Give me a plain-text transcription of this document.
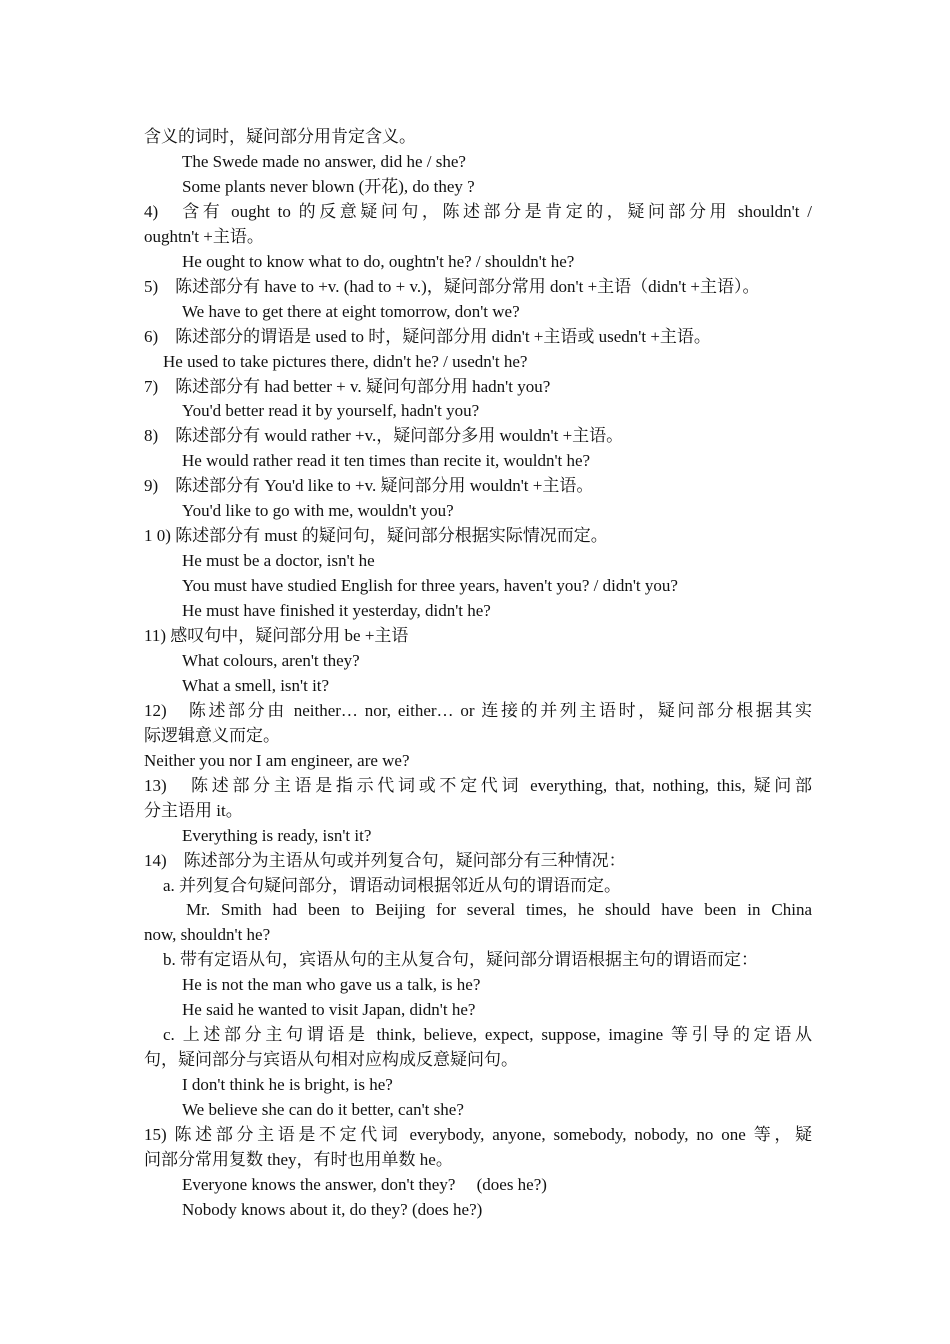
含义的词时，疑问部分用肯定含义。
The Swede made no answer, did he / she?
Some plants never blown (开花), do they ?
4)　含有 ought to 的反意疑问句，陈述部分是肯定的，疑问部分用 shouldn't /
oughtn't +主语。
He ought to know what to do, oughtn't he? / shouldn't he?
5)　陈述部分有 have to +v. (had to + v.)，疑问部分常用 don't +主语（didn't +主语）。
We have to get there at eight tomorrow, don't we?
6)　陈述部分的谓语是 used to 时，疑问部分用 didn't +主语或 usedn't +主语。
He used to take pictures there, didn't he? / usedn't he?
7)　陈述部分有 had better + v. 疑问句部分用 hadn't you?
You'd better read it by yourself, hadn't you?
8)　陈述部分有 would rather +v.，疑问部分多用 wouldn't +主语。
He would rather read it ten times than recite it, wouldn't he?
9)　陈述部分有 You'd like to +v. 疑问部分用 wouldn't +主语。
You'd like to go with me, wouldn't you?
1 0) 陈述部分有 must 的疑问句，疑问部分根据实际情况而定。
He must be a doctor, isn't he
You must have studied English for three years, haven't you? / didn't you?
He must have finished it yesterday, didn't he?
11) 感叹句中，疑问部分用 be +主语
What colours, aren't they?
What a smell, isn't it?
12)　陈述部分由 neither… nor, either… or 连接的并列主语时，疑问部分根据其实
际逻辑意义而定。
Neither you nor I am engineer, are we?
13)　陈述部分主语是指示代词或不定代词 everything, that, nothing, this, 疑问部
分主语用 it。
Everything is ready, isn't it?
14)　陈述部分为主语从句或并列复合句，疑问部分有三种情况：
a. 并列复合句疑问部分，谓语动词根据邻近从句的谓语而定。
Mr. Smith had been to Beijing for several times, he should have been in China
now, shouldn't he?
b. 带有定语从句，宾语从句的主从复合句，疑问部分谓语根据主句的谓语而定：
He is not the man who gave us a talk, is he?
He said he wanted to visit Japan, didn't he?
c. 上述部分主句谓语是 think, believe, expect, suppose, imagine 等引导的定语从
句，疑问部分与宾语从句相对应构成反意疑问句。
I don't think he is bright, is he?
We believe she can do it better, can't she?
15) 陈述部分主语是不定代词 everybody, anyone, somebody, nobody, no one 等，疑
问部分常用复数 they，有时也用单数 he。
Everyone knows the answer, don't they?　 (does he?)
Nobody knows about it, do they? (does he?)
